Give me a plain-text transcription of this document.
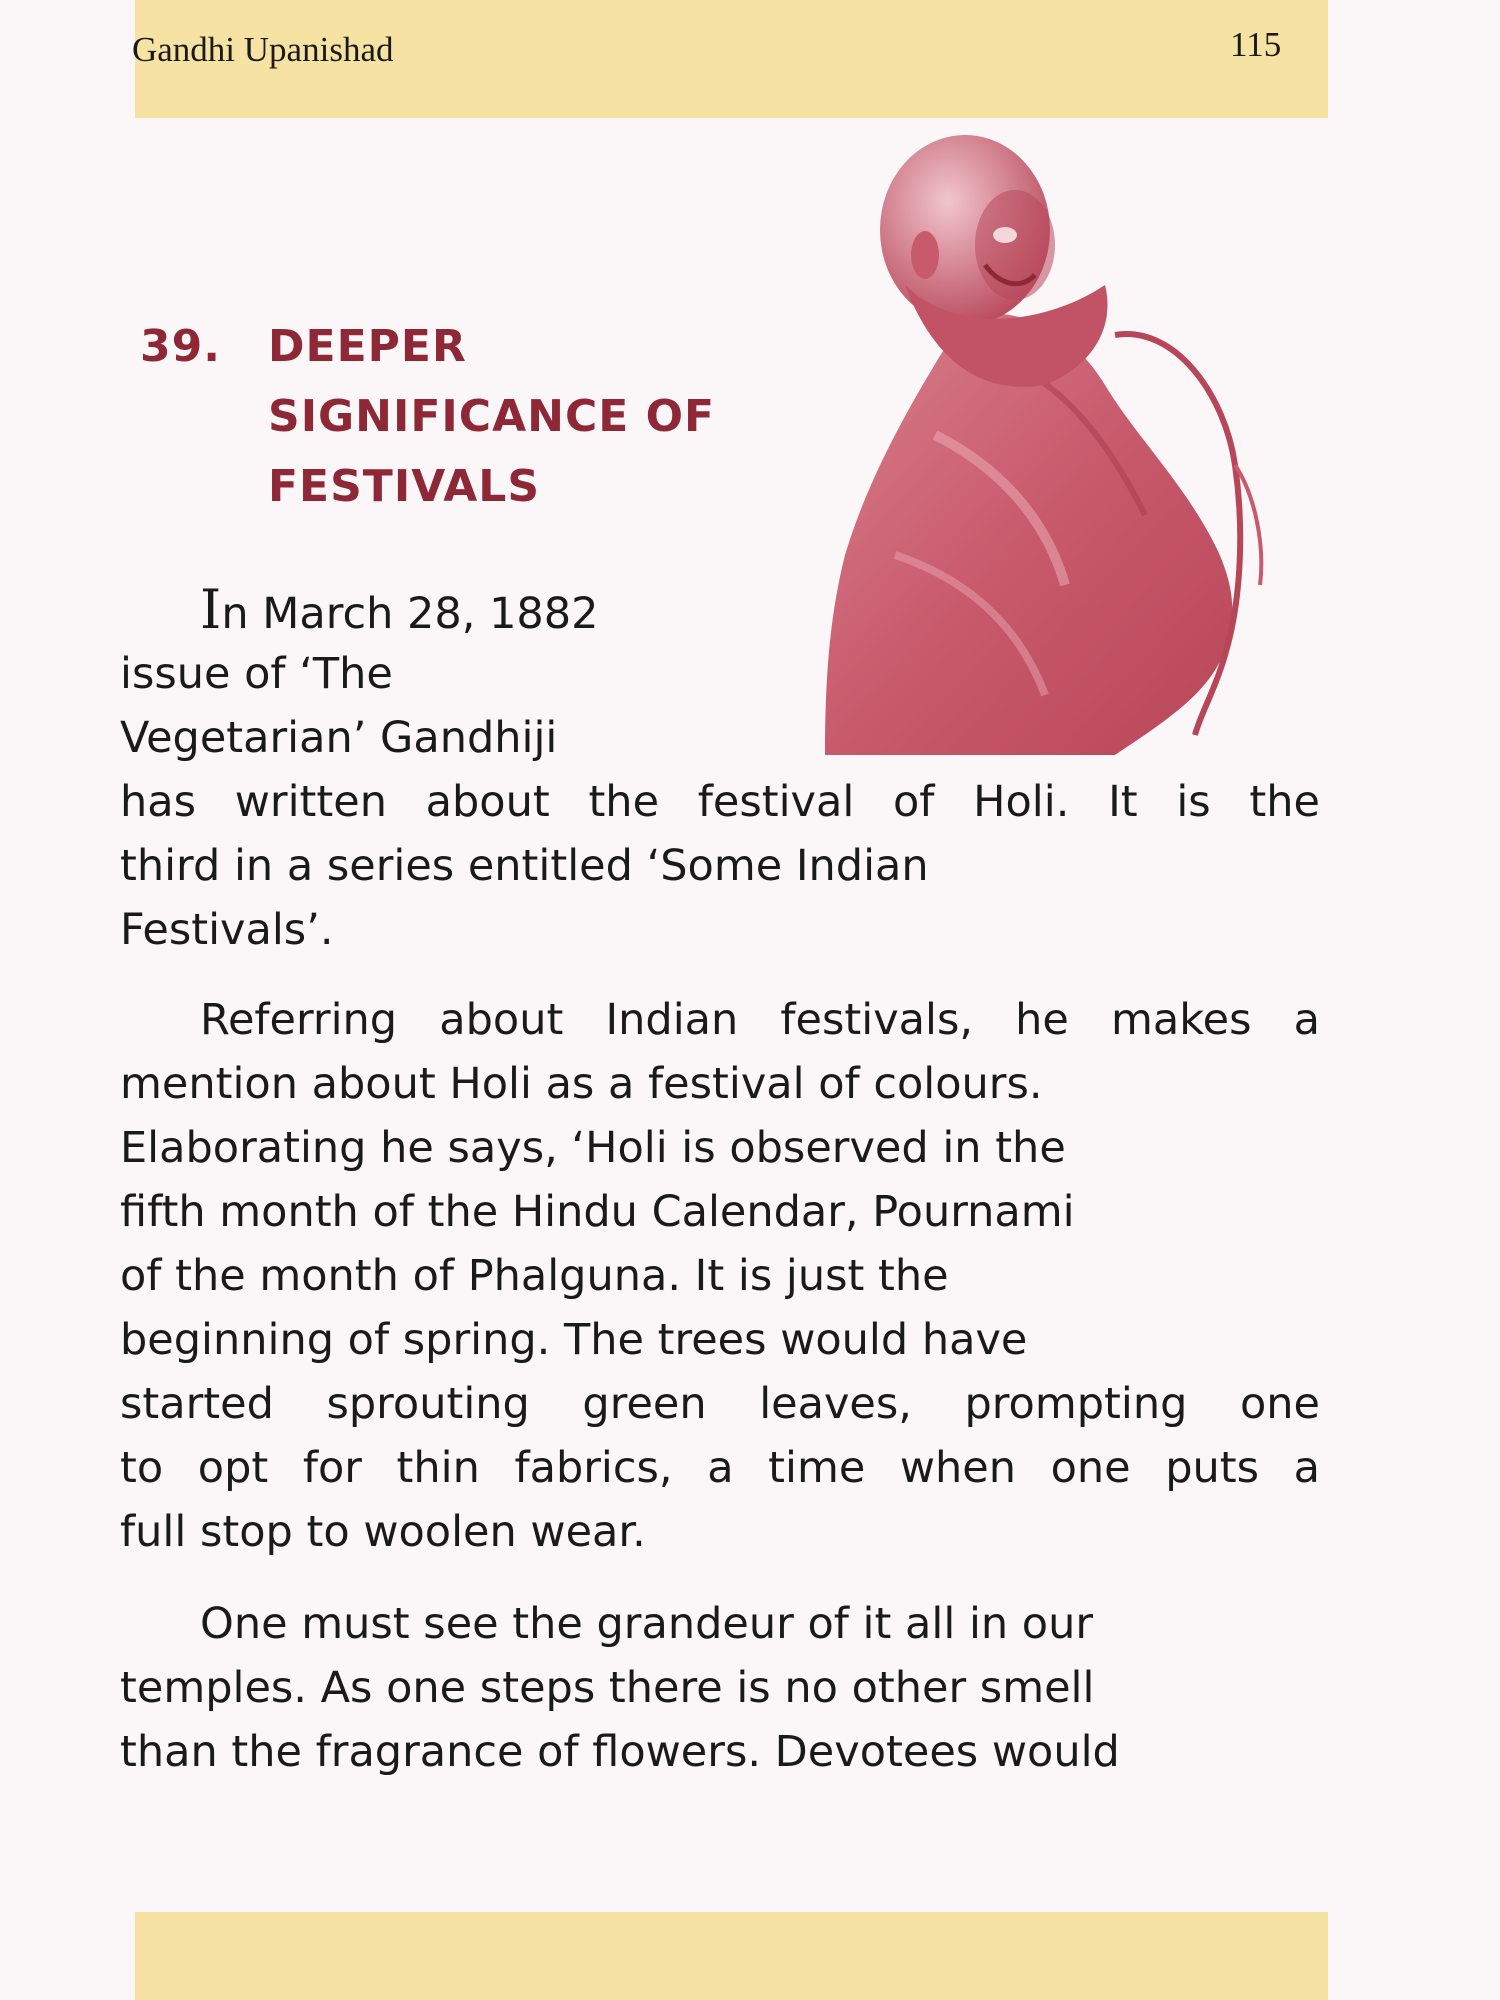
Gandhi Upanishad	115
39. DEEPER
SIGNIFICANCE OF
FESTIVALS
In March 28, 1882
issue of ‘The
Vegetarian’ Gandhiji
has written about the festival of Holi. It is the
third in a series entitled ‘Some Indian
Festivals’.
Referring about Indian festivals, he makes a
mention about Holi as a festival of colours.
Elaborating he says, ‘Holi is observed in the
fifth month of the Hindu Calendar, Pournami
of the month of Phalguna. It is just the
beginning of spring. The trees would have
started sprouting green leaves, prompting one
to opt for thin fabrics, a time when one puts a
full stop to woolen wear.
One must see the grandeur of it all in our
temples. As one steps there is no other smell
than the fragrance of flowers. Devotees would
